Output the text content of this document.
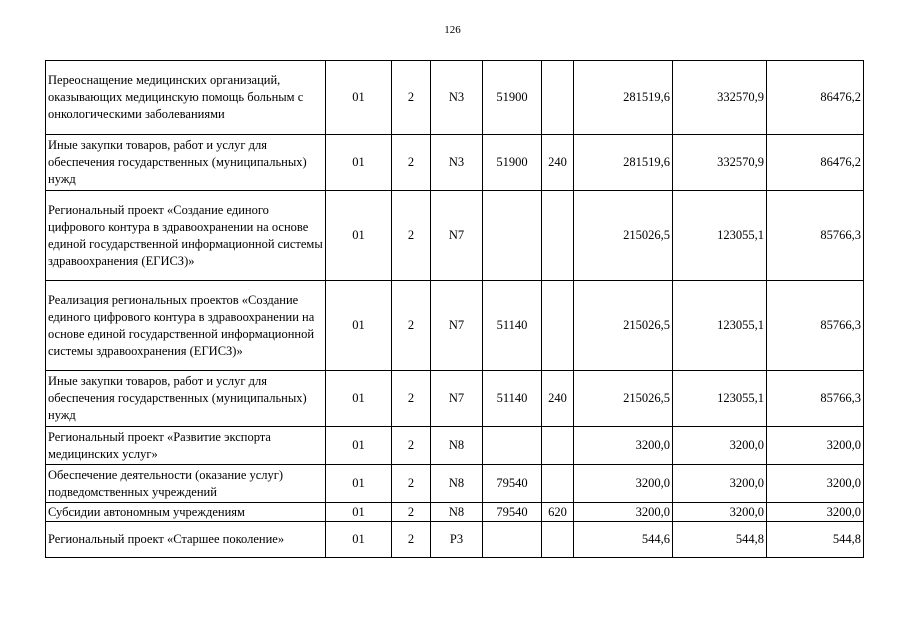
126
Переоснащение медицинских организаций, оказывающих медицинскую помощь больным с онкологическими заболеваниями	01	2	N3	51900		281519,6	332570,9	86476,2
Иные закупки товаров, работ и услуг для обеспечения государственных (муниципальных) нужд	01	2	N3	51900	240	281519,6	332570,9	86476,2
Региональный проект «Создание единого цифрового контура в здравоохранении на основе единой государственной информационной системы здравоохранения (ЕГИСЗ)»	01	2	N7			215026,5	123055,1	85766,3
Реализация региональных проектов «Создание единого цифрового контура в здравоохранении на основе единой государственной информационной системы здравоохранения (ЕГИСЗ)»	01	2	N7	51140		215026,5	123055,1	85766,3
Иные закупки товаров, работ и услуг для обеспечения государственных (муниципальных) нужд	01	2	N7	51140	240	215026,5	123055,1	85766,3
Региональный проект «Развитие экспорта медицинских услуг»	01	2	N8			3200,0	3200,0	3200,0
Обеспечение деятельности (оказание услуг) подведомственных учреждений	01	2	N8	79540		3200,0	3200,0	3200,0
Субсидии автономным учреждениям	01	2	N8	79540	620	3200,0	3200,0	3200,0
Региональный проект «Старшее поколение»	01	2	P3			544,6	544,8	544,8
